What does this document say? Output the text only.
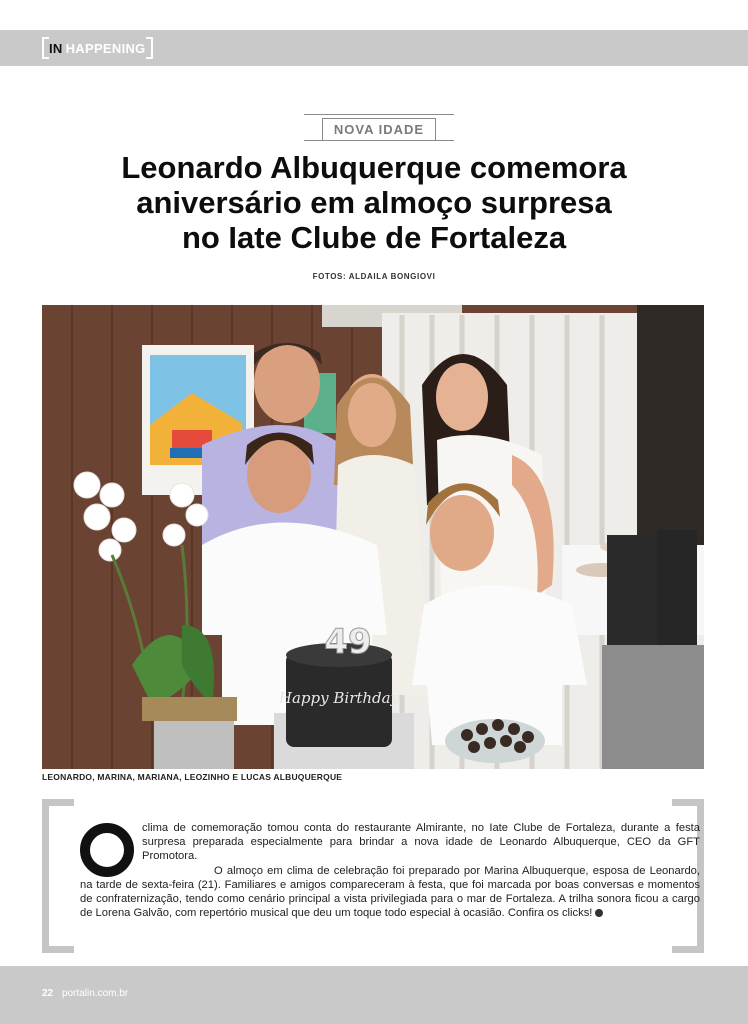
IN HAPPENING
NOVA IDADE
Leonardo Albuquerque comemora
aniversário em almoço surpresa
no Iate Clube de Fortaleza
FOTOS: ALDAILA BONGIOVI
Happy Birthday
49
LEONARDO, MARINA, MARIANA, LEOZINHO E LUCAS ALBUQUERQUE

clima de comemoração tomou conta do restaurante Almirante, no Iate Clube de Fortaleza, durante a festa surpresa preparada especialmente para brindar a nova idade de Leonardo Albuquerque, CEO da GFT Promotora.

O almoço em clima de celebração foi preparado por Marina Albuquerque, esposa de Leonardo, na tarde de sexta-feira (21). Familiares e amigos compareceram à festa, que foi marcada por boas conversas e momentos de confraternização, tendo como cenário principal a vista privilegiada para o mar de Fortaleza. A trilha sonora ficou a cargo de Lorena Galvão, com repertório musical que deu um toque todo especial à ocasião. Confira os clicks!

22 portalin.com.br
